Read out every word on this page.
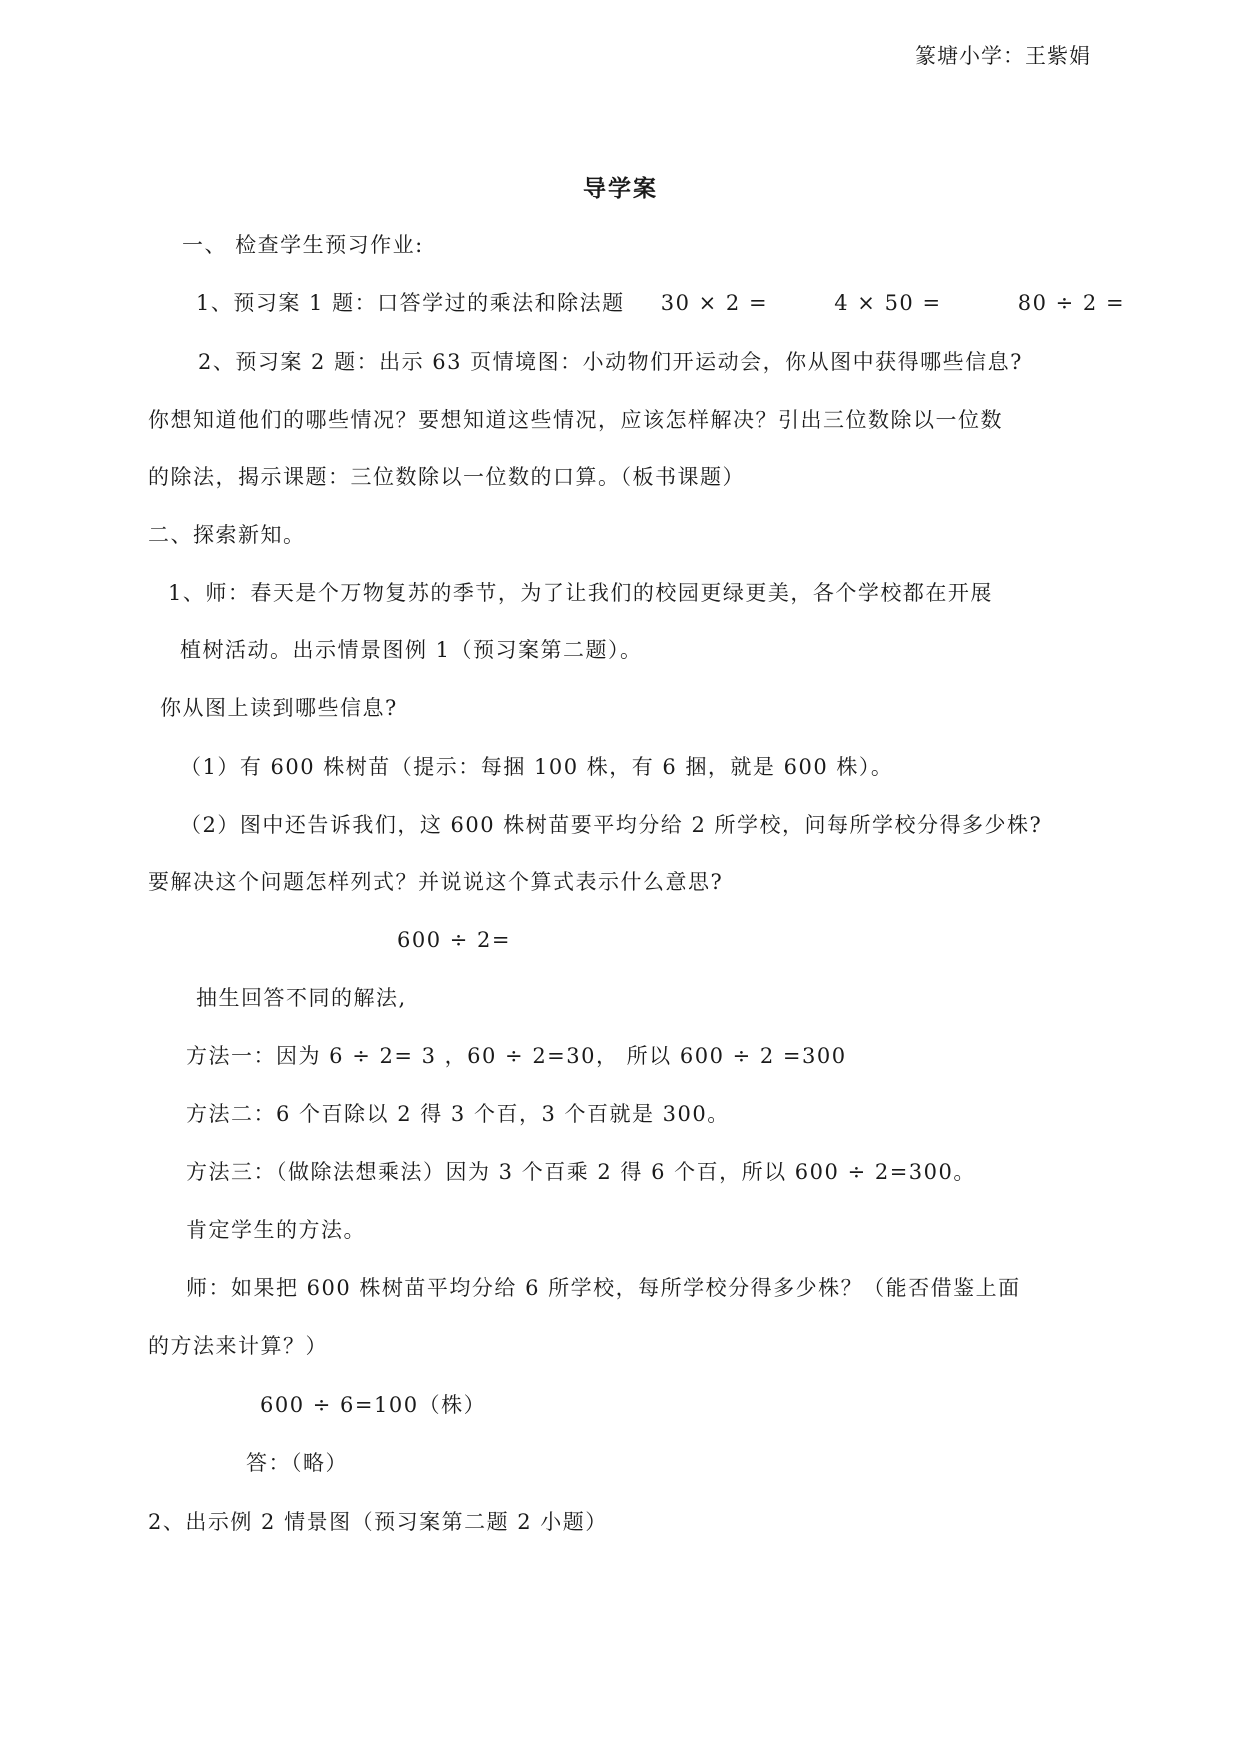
篆塘小学：王紫娟
导学案
一、 检查学生预习作业:
1、预习案 1 题：口答学过的乘法和除法题 30 × 2 =	4 × 50 =	80 ÷ 2 =
2、预习案 2 题：出示 63 页情境图：小动物们开运动会，你从图中获得哪些信息?
你想知道他们的哪些情况？要想知道这些情况，应该怎样解决？引出三位数除以一位数
的除法，揭示课题：三位数除以一位数的口算。（板书课题）
二、探索新知。
1、师：春天是个万物复苏的季节，为了让我们的校园更绿更美，各个学校都在开展
植树活动。出示情景图例 1（预习案第二题）。
你从图上读到哪些信息?
（1）有 600 株树苗（提示：每捆 100 株，有 6 捆，就是 600 株）。
（2）图中还告诉我们，这 600 株树苗要平均分给 2 所学校，问每所学校分得多少株?
要解决这个问题怎样列式？并说说这个算式表示什么意思?
600 ÷ 2=
抽生回答不同的解法,
方法一：因为 6 ÷ 2= 3 ，60 ÷ 2=30， 所以 600 ÷ 2 =300
方法二：6 个百除以 2 得 3 个百，3 个百就是 300。
方法三：（做除法想乘法）因为 3 个百乘 2 得 6 个百，所以 600 ÷ 2=300。
肯定学生的方法。
师：如果把 600 株树苗平均分给 6 所学校，每所学校分得多少株？（能否借鉴上面
的方法来计算？）
600 ÷ 6=100（株）
答：（略）
2、出示例 2 情景图（预习案第二题 2 小题）
